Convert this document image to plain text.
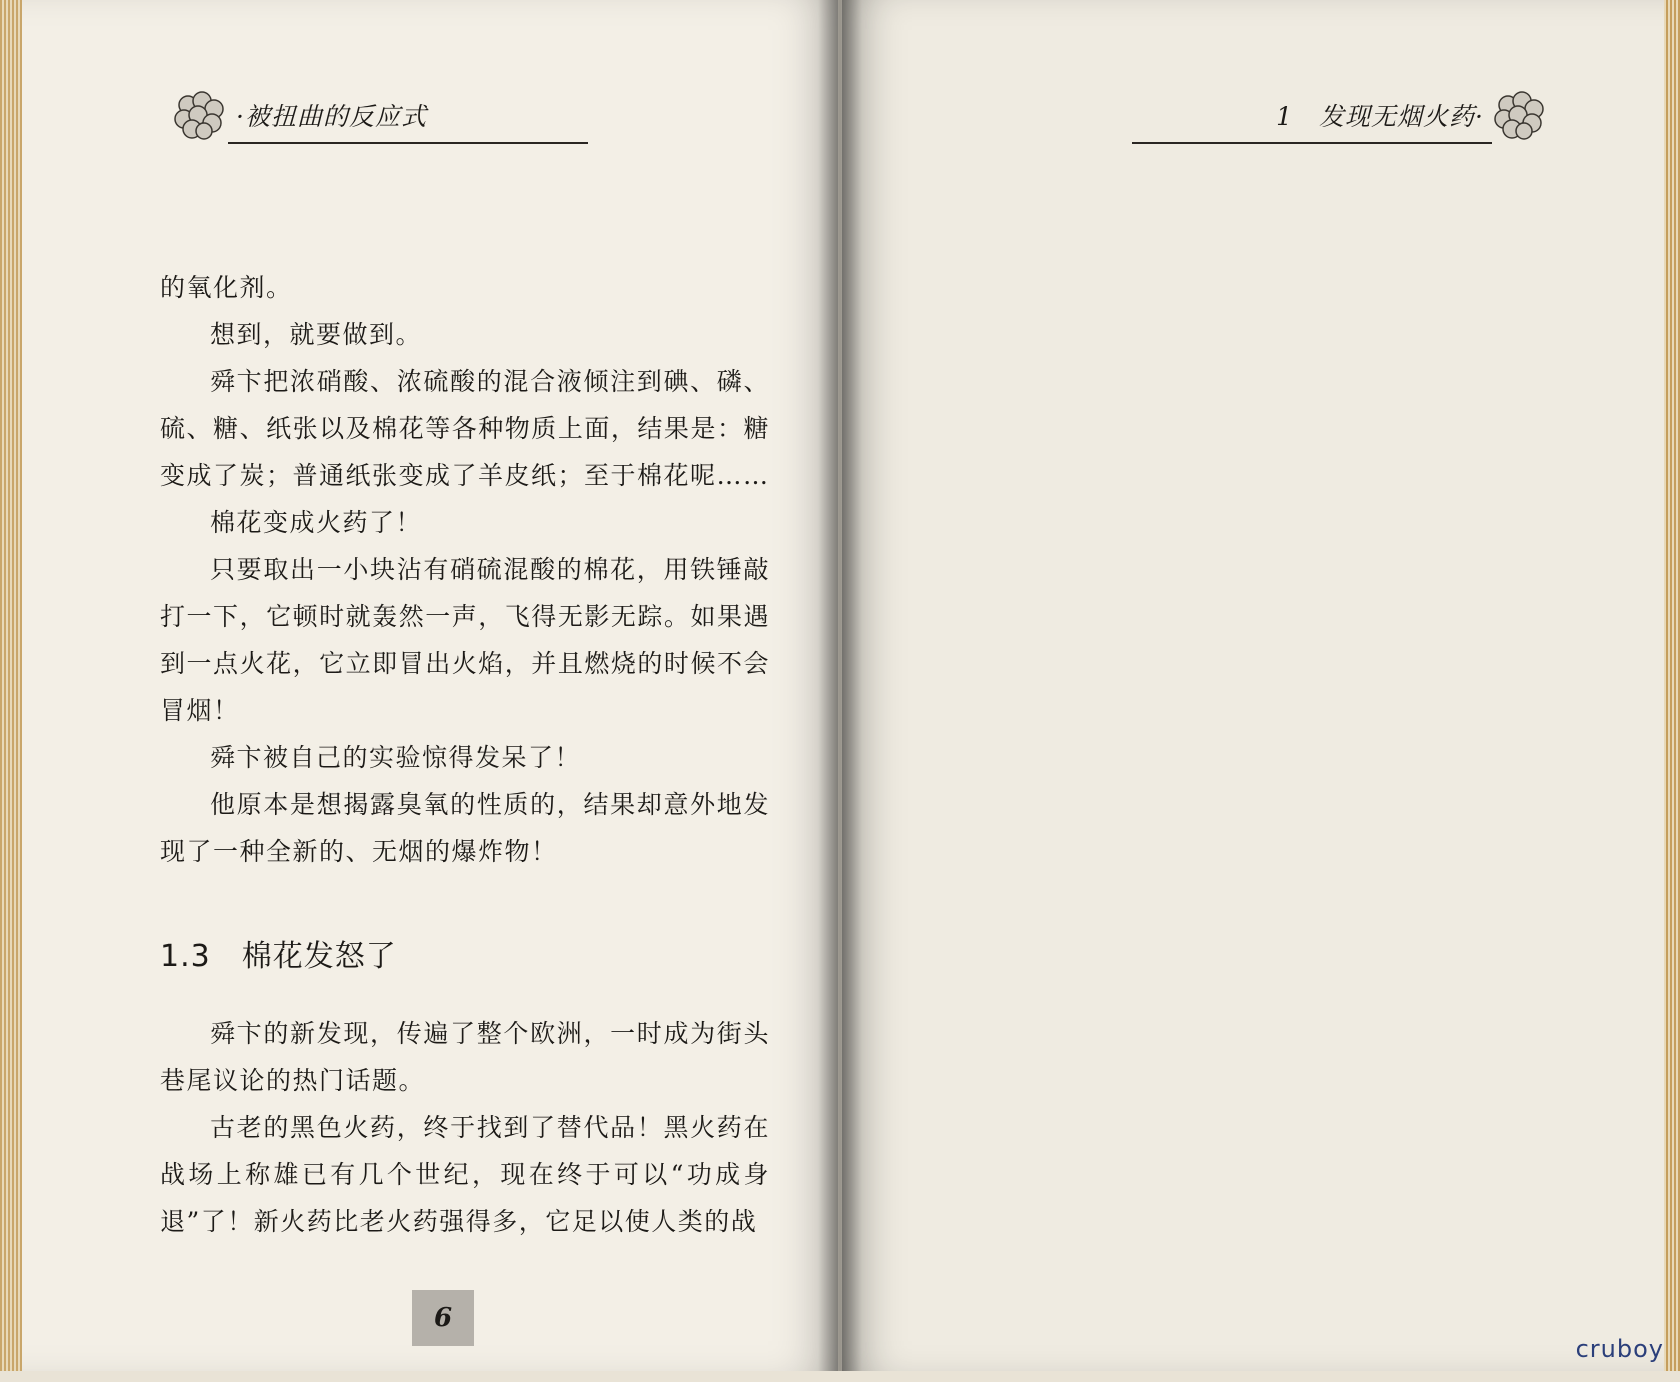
·被扭曲的反应式

的氧化剂。

想到，就要做到。

舜卞把浓硝酸、浓硫酸的混合液倾注到碘、磷、硫、糖、纸张以及棉花等各种物质上面，结果是：糖变成了炭；普通纸张变成了羊皮纸；至于棉花呢……

棉花变成火药了！

只要取出一小块沾有硝硫混酸的棉花，用铁锤敲打一下，它顿时就轰然一声，飞得无影无踪。如果遇到一点火花，它立即冒出火焰，并且燃烧的时候不会冒烟！

舜卞被自己的实验惊得发呆了！

他原本是想揭露臭氧的性质的，结果却意外地发现了一种全新的、无烟的爆炸物！

1.3　棉花发怒了

舜卞的新发现，传遍了整个欧洲，一时成为街头巷尾议论的热门话题。

古老的黑色火药，终于找到了替代品！黑火药在战场上称雄已有几个世纪，现在终于可以“功成身退”了！新火药比老火药强得多，它足以使人类的战

6
1　发现无烟火药·

cruboy
